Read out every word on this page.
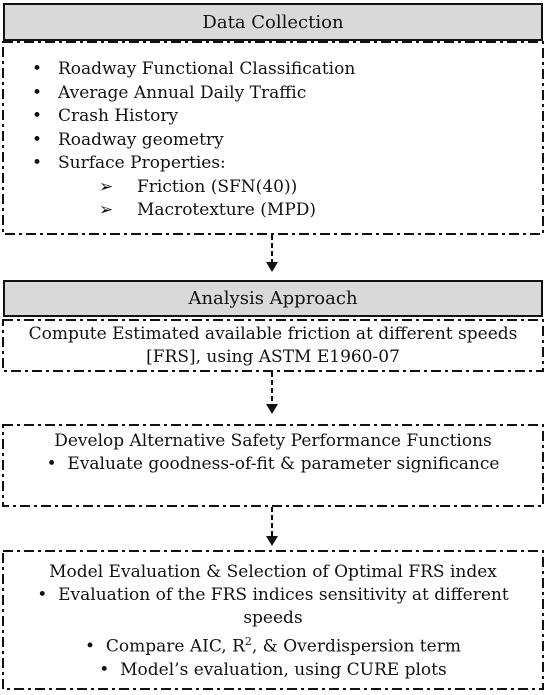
Data Collection
• Roadway Functional Classification
• Average Annual Daily Traffic
• Crash History
• Roadway geometry
• Surface Properties:
➢	Friction (SFN(40))
➢	Macrotexture (MPD)
Analysis Approach
Compute Estimated available friction at different speeds
[FRS], using ASTM E1960-07
Develop Alternative Safety Performance Functions
• Evaluate goodness-of-fit & parameter significance
Model Evaluation & Selection of Optimal FRS index
• Evaluation of the FRS indices sensitivity at different
speeds
• Compare AIC, $R^2$, & Overdispersion term
• Model’s evaluation, using CURE plots
